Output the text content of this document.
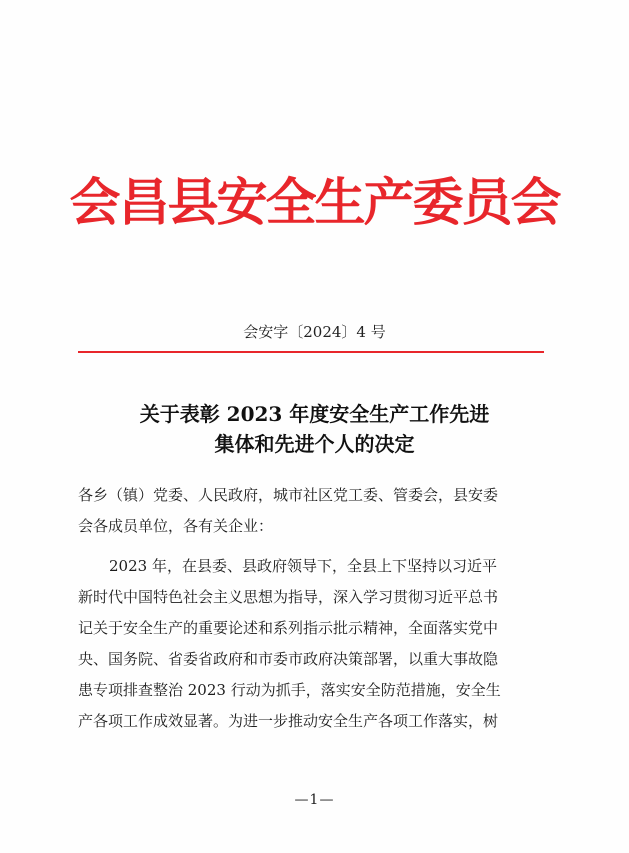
会昌县安全生产委员会
会安字〔2024〕4 号
关于表彰 2023 年度安全生产工作先进
集体和先进个人的决定
各乡（镇）党委、人民政府，城市社区党工委、管委会，县安委
会各成员单位，各有关企业：
2023 年，在县委、县政府领导下，全县上下坚持以习近平
新时代中国特色社会主义思想为指导，深入学习贯彻习近平总书
记关于安全生产的重要论述和系列指示批示精神，全面落实党中
央、国务院、省委省政府和市委市政府决策部署，以重大事故隐
患专项排查整治 2023 行动为抓手，落实安全防范措施，安全生
产各项工作成效显著。为进一步推动安全生产各项工作落实，树
—1—
